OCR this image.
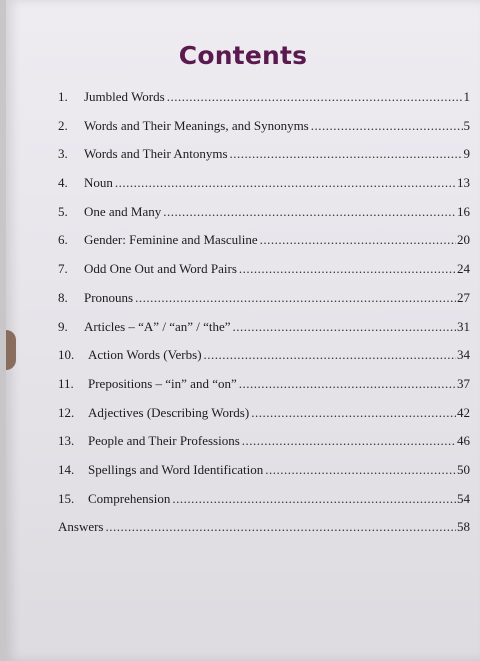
Contents
1.	Jumbled Words .....	1
2.	Words and Their Meanings, and Synonyms .....	5
3.	Words and Their Antonyms .....	9
4.	Noun .....	13
5.	One and Many .....	16
6.	Gender: Feminine and Masculine .....	20
7.	Odd One Out and Word Pairs .....	24
8.	Pronouns .....	27
9.	Articles – “A” / “an” / “the” .....	31
10.	Action Words (Verbs) .....	34
11.	Prepositions – “in” and “on” .....	37
12.	Adjectives (Describing Words) .....	42
13.	People and Their Professions .....	46
14.	Spellings and Word Identification .....	50
15.	Comprehension .....	54
Answers .....	58
